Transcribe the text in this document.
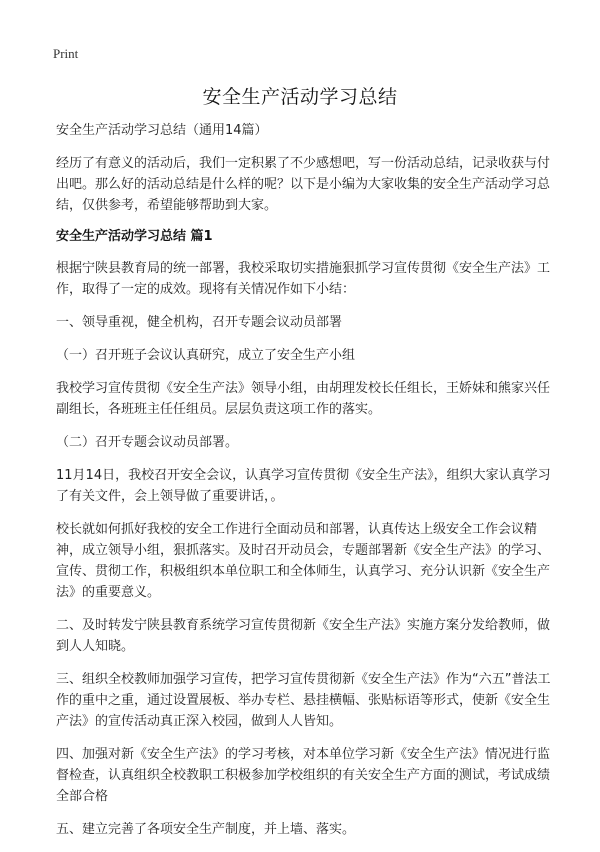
Print
安全生产活动学习总结

安全生产活动学习总结（通用14篇）

经历了有意义的活动后，我们一定积累了不少感想吧，写一份活动总结，记录收获与付出吧。那么好的活动总结是什么样的呢？以下是小编为大家收集的安全生产活动学习总结，仅供参考，希望能够帮助到大家。

安全生产活动学习总结 篇1

根据宁陕县教育局的统一部署，我校采取切实措施狠抓学习宣传贯彻《安全生产法》工作，取得了一定的成效。现将有关情况作如下小结：

一、领导重视，健全机构，召开专题会议动员部署

（一）召开班子会议认真研究，成立了安全生产小组

我校学习宣传贯彻《安全生产法》领导小组，由胡理发校长任组长，王娇妹和熊家兴任副组长，各班班主任任组员。层层负责这项工作的落实。

（二）召开专题会议动员部署。

11月14日，我校召开安全会议，认真学习宣传贯彻《安全生产法》，组织大家认真学习了有关文件，会上领导做了重要讲话，。

校长就如何抓好我校的安全工作进行全面动员和部署，认真传达上级安全工作会议精神，成立领导小组，狠抓落实。及时召开动员会，专题部署新《安全生产法》的学习、宣传、贯彻工作，积极组织本单位职工和全体师生，认真学习、充分认识新《安全生产法》的重要意义。

二、及时转发宁陕县教育系统学习宣传贯彻新《安全生产法》实施方案分发给教师，做到人人知晓。

三、组织全校教师加强学习宣传，把学习宣传贯彻新《安全生产法》作为“六五”普法工作的重中之重，通过设置展板、举办专栏、悬挂横幅、张贴标语等形式，使新《安全生产法》的宣传活动真正深入校园，做到人人皆知。

四、加强对新《安全生产法》的学习考核，对本单位学习新《安全生产法》情况进行监督检查，认真组织全校教职工积极参加学校组织的有关安全生产方面的测试，考试成绩全部合格

五、建立完善了各项安全生产制度，并上墙、落实。
